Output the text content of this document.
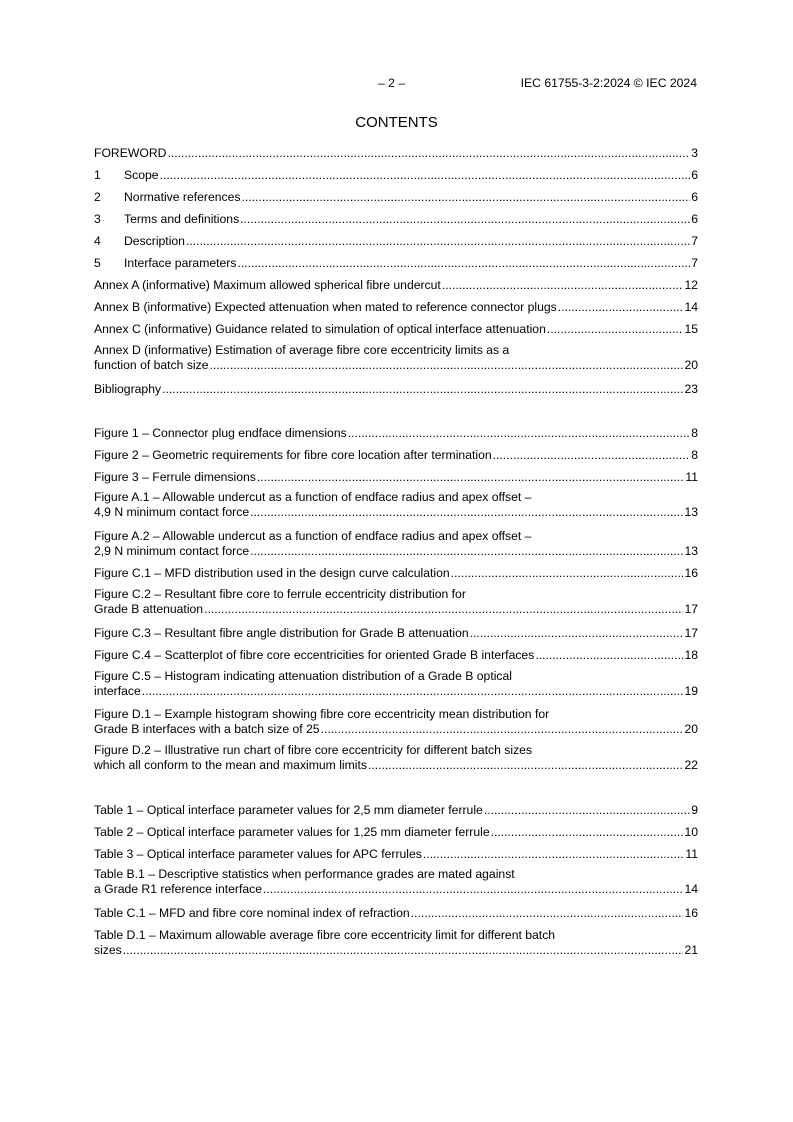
– 2 –	IEC 61755-3-2:2024 © IEC 2024
CONTENTS
FOREWORD .....	3
1 Scope .....	6
2 Normative references .....	6
3 Terms and definitions .....	6
4 Description .....	7
5 Interface parameters .....	7
Annex A (informative) Maximum allowed spherical fibre undercut .....	12
Annex B (informative) Expected attenuation when mated to reference connector plugs .....	14
Annex C (informative) Guidance related to simulation of optical interface attenuation .....	15
Annex D (informative) Estimation of average fibre core eccentricity limits as a
function of batch size .....	20
Bibliography .....	23
Figure 1 – Connector plug endface dimensions .....	8
Figure 2 – Geometric requirements for fibre core location after termination .....	8
Figure 3 – Ferrule dimensions .....	11
Figure A.1 – Allowable undercut as a function of endface radius and apex offset –
4,9 N minimum contact force .....	13
Figure A.2 – Allowable undercut as a function of endface radius and apex offset –
2,9 N minimum contact force .....	13
Figure C.1 – MFD distribution used in the design curve calculation .....	16
Figure C.2 – Resultant fibre core to ferrule eccentricity distribution for
Grade B attenuation .....	17
Figure C.3 – Resultant fibre angle distribution for Grade B attenuation .....	17
Figure C.4 – Scatterplot of fibre core eccentricities for oriented Grade B interfaces .....	18
Figure C.5 – Histogram indicating attenuation distribution of a Grade B optical
interface .....	19
Figure D.1 – Example histogram showing fibre core eccentricity mean distribution for
Grade B interfaces with a batch size of 25 .....	20
Figure D.2 – Illustrative run chart of fibre core eccentricity for different batch sizes
which all conform to the mean and maximum limits .....	22
Table 1 – Optical interface parameter values for 2,5 mm diameter ferrule .....	9
Table 2 – Optical interface parameter values for 1,25 mm diameter ferrule .....	10
Table 3 – Optical interface parameter values for APC ferrules .....	11
Table B.1 – Descriptive statistics when performance grades are mated against
a Grade R1 reference interface .....	14
Table C.1 – MFD and fibre core nominal index of refraction .....	16
Table D.1 – Maximum allowable average fibre core eccentricity limit for different batch
sizes .....	21
